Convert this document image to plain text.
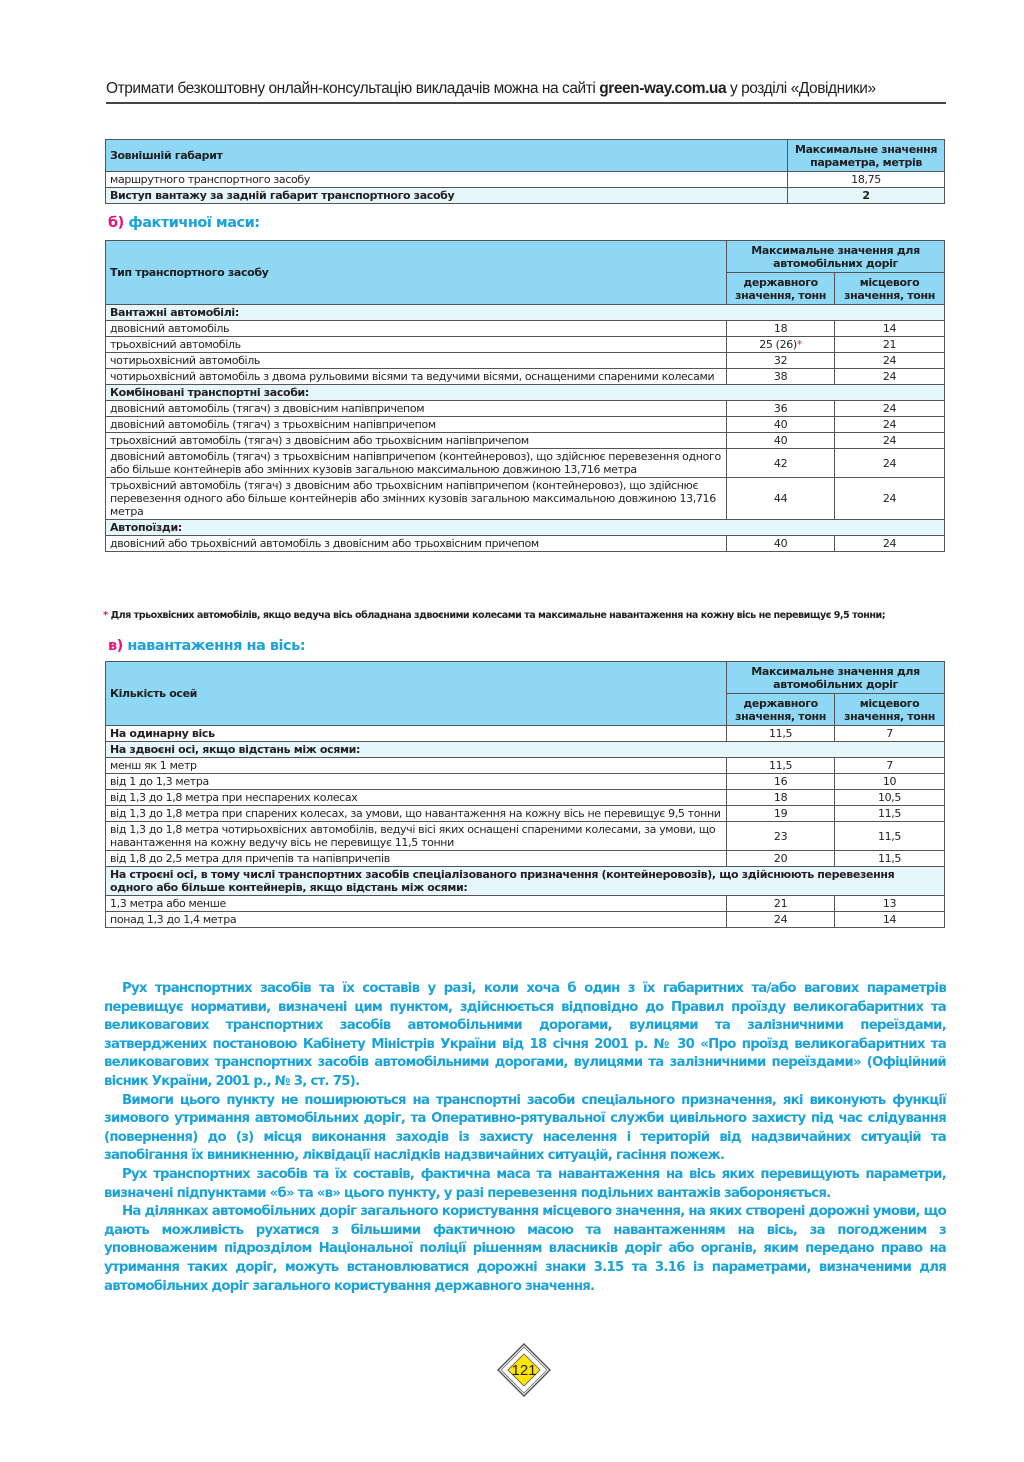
Отримати безкоштовну онлайн-консультацію викладачів можна на сайті green-way.com.ua у розділі «Довідники»
Зовнішній габарит	Максимальне значення параметра, метрів
маршрутного транспортного засобу	18,75
Виступ вантажу за задній габарит транспортного засобу	2
б) фактичної маси:
Тип транспортного засобу	Максимальне значення для автомобільних доріг	
	державного значення, тонн	місцевого значення, тонн
Вантажні автомобілі:		
двовісний автомобіль	18	14
трьохвісний автомобіль	25 (26)*	21
чотирьохвісний автомобіль	32	24
чотирьохвісний автомобіль з двома рульовими вісями та ведучими вісями, оснащеними спареними колесами	38	24
Комбіновані транспортні засоби:		
двовісний автомобіль (тягач) з двовісним напівпричепом	36	24
двовісний автомобіль (тягач) з трьохвісним напівпричепом	40	24
трьохвісний автомобіль (тягач) з двовісним або трьохвісним напівпричепом	40	24
двовісний автомобіль (тягач) з трьохвісним напівпричепом (контейнеровоз), що здійснює перевезення одного або більше контейнерів або змінних кузовів загальною максимальною довжиною 13,716 метра	42	24
трьохвісний автомобіль (тягач) з двовісним або трьохвісним напівпричепом (контейнеровоз), що здійснює перевезення одного або більше контейнерів або змінних кузовів загальною максимальною довжиною 13,716 метра	44	24
Автопоїзди:		
двовісний або трьохвісний автомобіль з двовісним або трьохвісним причепом	40	24
* Для трьохвісних автомобілів, якщо ведуча вісь обладнана здвоєними колесами та максимальне навантаження на кожну вісь не перевищує 9,5 тонни;
в) навантаження на вісь:
Кількість осей	Максимальне значення для автомобільних доріг	
	державного значення, тонн	місцевого значення, тонн
На одинарну вісь	11,5	7
На здвоєні осі, якщо відстань між осями:		
менш як 1 метр	11,5	7
від 1 до 1,3 метра	16	10
від 1,3 до 1,8 метра при неспарених колесах	18	10,5
від 1,3 до 1,8 метра при спарених колесах, за умови, що навантаження на кожну вісь не перевищує 9,5 тонни	19	11,5
від 1,3 до 1,8 метра чотирьохвісних автомобілів, ведучі вісі яких оснащені спареними колесами, за умови, що навантаження на кожну ведучу вісь не перевищує 11,5 тонни	23	11,5
від 1,8 до 2,5 метра для причепів та напівпричепів	20	11,5
На строєні осі, в тому числі транспортних засобів спеціалізованого призначення (контейнеровозів), що здійснюють перевезення одного або більше контейнерів, якщо відстань між осями:		
1,3 метра або менше	21	13
понад 1,3 до 1,4 метра	24	14

Рух транспортних засобів та їх составів у разі, коли хоча б один з їх габаритних та/або вагових параметрів перевищує нормативи, визначені цим пунктом, здійснюється відповідно до Правил проїзду великогабаритних та великовагових транспортних засобів автомобільними дорогами, вулицями та залізничними переїздами, затверджених постановою Кабінету Міністрів України від 18 січня 2001 р. № 30 «Про проїзд великогабаритних та великовагових транспортних засобів автомобільними дорогами, вулицями та залізничними переїздами» (Офіційний вісник України, 2001 р., № 3, ст. 75).

Вимоги цього пункту не поширюються на транспортні засоби спеціального призначення, які виконують функції зимового утримання автомобільних доріг, та Оперативно-рятувальної служби цивільного захисту під час слідування (повернення) до (з) місця виконання заходів із захисту населення і територій від надзвичайних ситуацій та запобігання їх виникненню, ліквідації наслідків надзвичайних ситуацій, гасіння пожеж.

Рух транспортних засобів та їх составів, фактична маса та навантаження на вісь яких перевищують параметри, визначені підпунктами «б» та «в» цього пункту, у разі перевезення подільних вантажів забороняється.

На ділянках автомобільних доріг загального користування місцевого значення, на яких створені дорожні умови, що дають можливість рухатися з більшими фактичною масою та навантаженням на вісь, за погодженим з уповноваженим підрозділом Національної поліції рішенням власників доріг або органів, яким передано право на утримання таких доріг, можуть встановлюватися дорожні знаки 3.15 та 3.16 із параметрами, визначеними для автомобільних доріг загального користування державного значення.

121
